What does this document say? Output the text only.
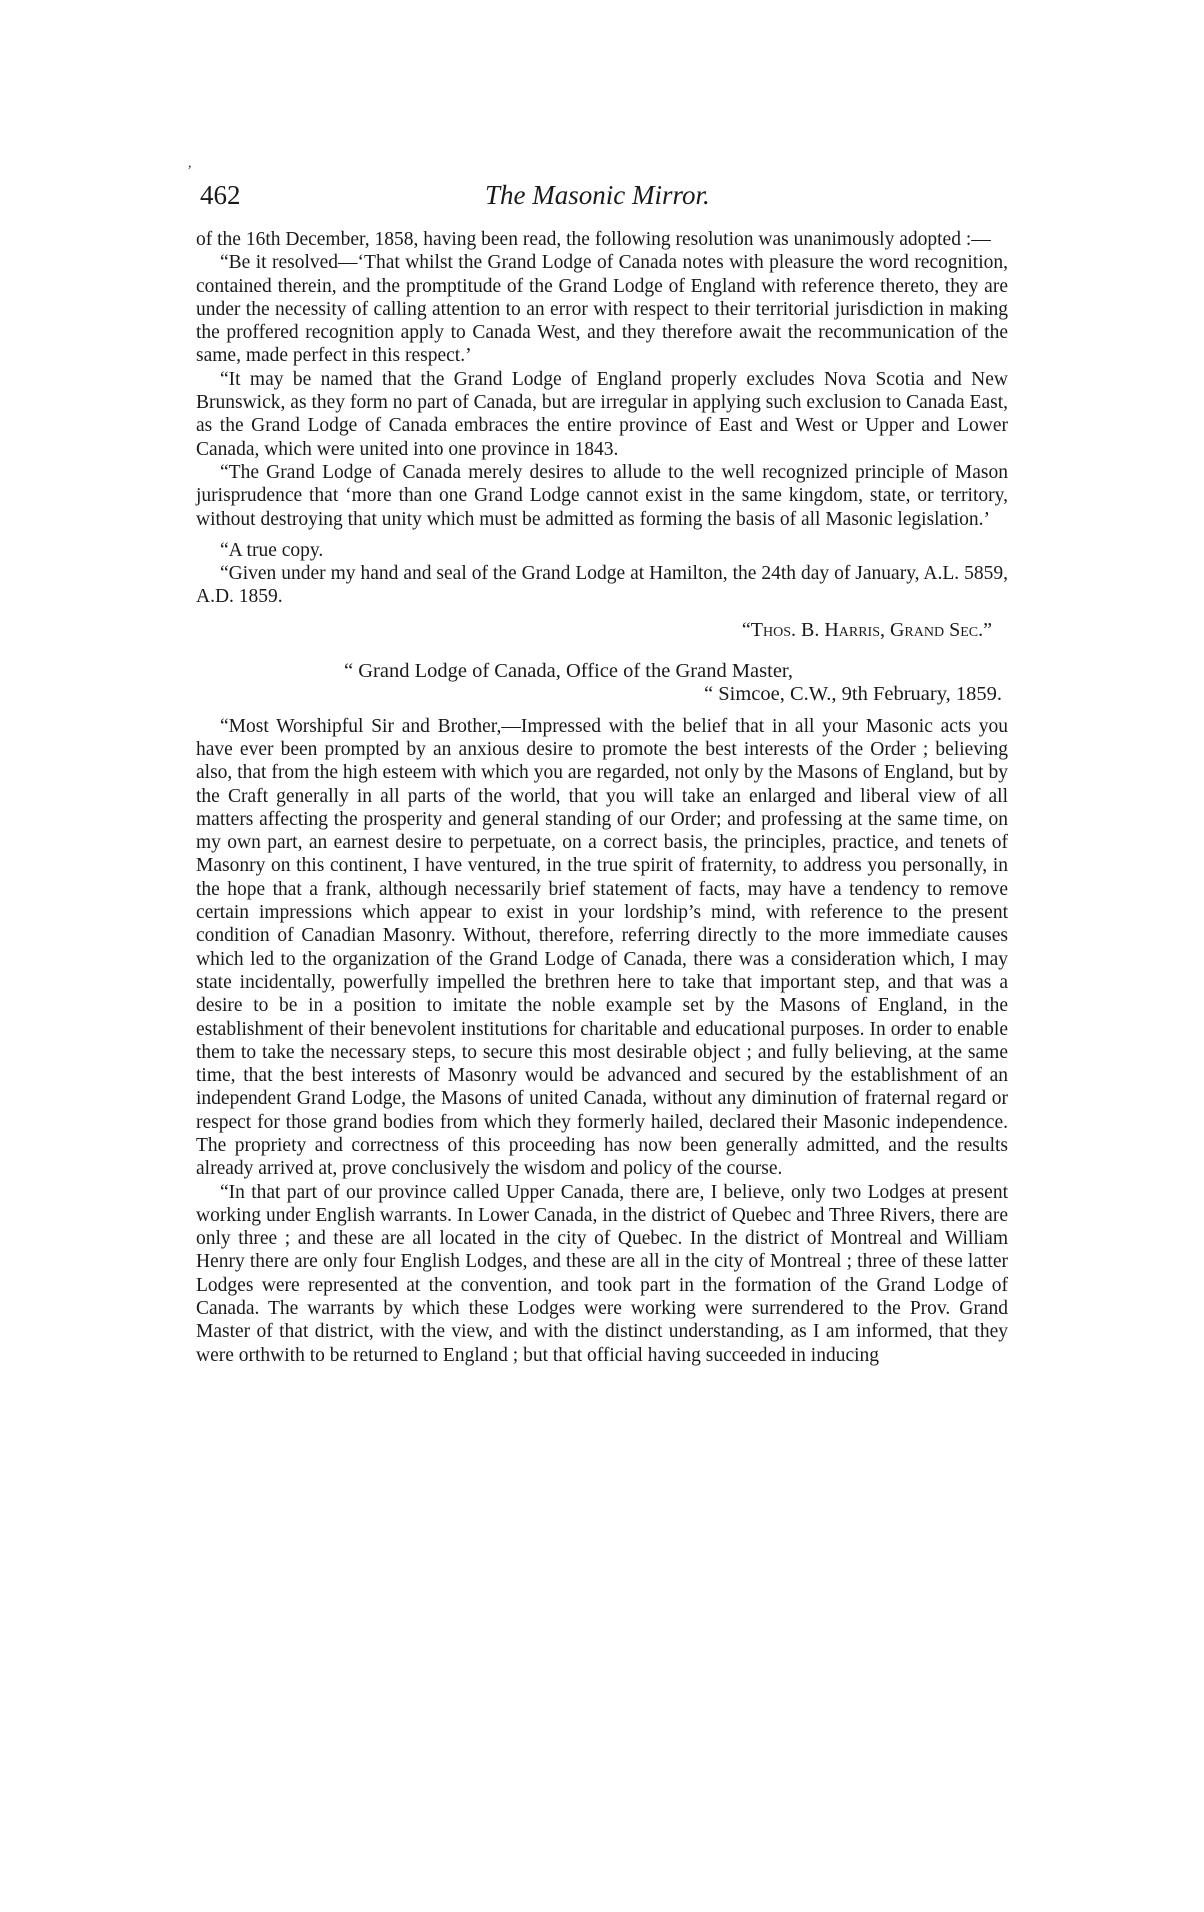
,
462	The Masonic Mirror.

of the 16th December, 1858, having been read, the following resolution was unanimously adopted :—

“Be it resolved—‘That whilst the Grand Lodge of Canada notes with pleasure the word recognition, contained therein, and the promptitude of the Grand Lodge of England with reference thereto, they are under the necessity of calling attention to an error with respect to their territorial jurisdiction in making the proffered recognition apply to Canada West, and they therefore await the recommunication of the same, made perfect in this respect.’

“It may be named that the Grand Lodge of England properly excludes Nova Scotia and New Brunswick, as they form no part of Canada, but are irregular in applying such exclusion to Canada East, as the Grand Lodge of Canada embraces the entire province of East and West or Upper and Lower Canada, which were united into one province in 1843.

“The Grand Lodge of Canada merely desires to allude to the well recognized principle of Mason jurisprudence that ‘more than one Grand Lodge cannot exist in the same kingdom, state, or territory, without destroying that unity which must be admitted as forming the basis of all Masonic legislation.’

“A true copy.

“Given under my hand and seal of the Grand Lodge at Hamilton, the 24th day of January, A.L. 5859, A.D. 1859.

“Thos. B. Harris, Grand Sec.”

“ Grand Lodge of Canada, Office of the Grand Master,

“ Simcoe, C.W., 9th February, 1859.

“Most Worshipful Sir and Brother,—Impressed with the belief that in all your Masonic acts you have ever been prompted by an anxious desire to promote the best interests of the Order ; believing also, that from the high esteem with which you are regarded, not only by the Masons of England, but by the Craft generally in all parts of the world, that you will take an enlarged and liberal view of all matters affecting the prosperity and general standing of our Order; and professing at the same time, on my own part, an earnest desire to perpetuate, on a correct basis, the principles, practice, and tenets of Masonry on this continent, I have ventured, in the true spirit of fraternity, to address you personally, in the hope that a frank, although necessarily brief statement of facts, may have a tendency to remove certain impressions which appear to exist in your lordship’s mind, with reference to the present condition of Canadian Masonry. Without, therefore, referring directly to the more immediate causes which led to the organization of the Grand Lodge of Canada, there was a consideration which, I may state incidentally, powerfully impelled the brethren here to take that important step, and that was a desire to be in a position to imitate the noble example set by the Masons of England, in the establishment of their benevolent institutions for charitable and educational purposes. In order to enable them to take the necessary steps, to secure this most desirable object ; and fully believing, at the same time, that the best interests of Masonry would be advanced and secured by the establishment of an independent Grand Lodge, the Masons of united Canada, without any diminution of fraternal regard or respect for those grand bodies from which they formerly hailed, declared their Masonic independence. The propriety and correctness of this proceeding has now been generally admitted, and the results already arrived at, prove conclusively the wisdom and policy of the course.

“In that part of our province called Upper Canada, there are, I believe, only two Lodges at present working under English warrants. In Lower Canada, in the district of Quebec and Three Rivers, there are only three ; and these are all located in the city of Quebec. In the district of Montreal and William Henry there are only four English Lodges, and these are all in the city of Montreal ; three of these latter Lodges were represented at the convention, and took part in the formation of the Grand Lodge of Canada. The warrants by which these Lodges were working were surrendered to the Prov. Grand Master of that district, with the view, and with the distinct understanding, as I am informed, that they were orthwith to be returned to England ; but that official having succeeded in inducing
